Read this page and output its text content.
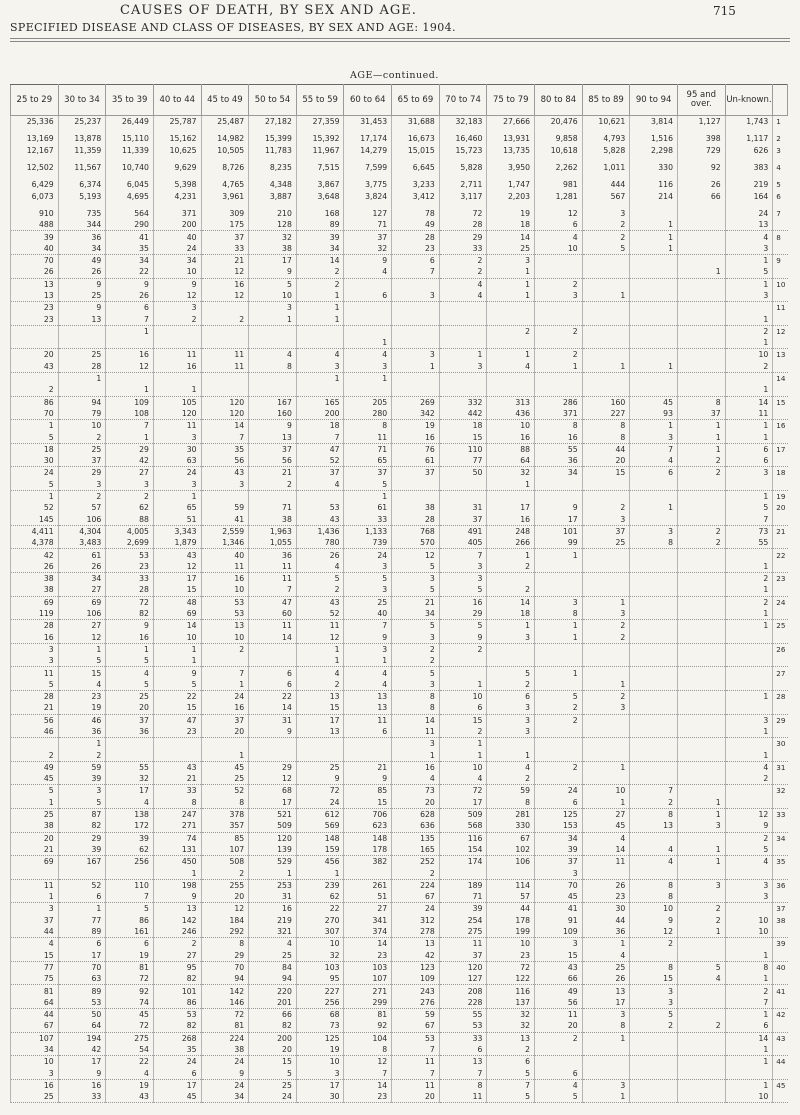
CAUSES OF DEATH, BY SEX AND AGE.	715
SPECIFIED DISEASE AND CLASS OF DISEASES, BY SEX AND AGE: 1904.
AGE—continued.
25 to 29	30 to 34	35 to 39	40 to 44	45 to 49	50 to 54	55 to 59	60 to 64	65 to 69	70 to 74	75 to 79	80 to 84	85 to 89	90 to 94	95 and over.	Un-known.	
25,336	25,237	26,449	25,787	25,487	27,182	27,359	31,453	31,688	32,183	27,666	20,476	10,621	3,814	1,127	1,743	1

13,169	13,878	15,110	15,162	14,982	15,399	15,392	17,174	16,673	16,460	13,931	9,858	4,793	1,516	398	1,117	2
12,167	11,359	11,339	10,625	10,505	11,783	11,967	14,279	15,015	15,723	13,735	10,618	5,828	2,298	729	626	3

12,502	11,567	10,740	9,629	8,726	8,235	7,515	7,599	6,645	5,828	3,950	2,262	1,011	330	92	383	4

6,429	6,374	6,045	5,398	4,765	4,348	3,867	3,775	3,233	2,711	1,747	981	444	116	26	219	5
6,073	5,193	4,695	4,231	3,961	3,887	3,648	3,824	3,412	3,117	2,203	1,281	567	214	66	164	6

910	735	564	371	309	210	168	127	78	72	19	12	3			24	7
488	344	290	200	175	128	89	71	49	28	18	6	2	1		13	
39	36	41	40	37	32	39	37	28	29	14	4	2	1		4	8
40	34	35	24	33	38	34	32	23	33	25	10	5	1		3	
70	49	34	34	21	17	14	9	6	2	3					1	9
26	26	22	10	12	9	2	4	7	2	1				1	5	
13	9	9	9	16	5	2			4	1	2				1	10
13	25	26	12	12	10	1	6	3	4	1	3	1			3	
23	9	6	3		3	1										11
23	13	7	2	2	1	1									1	
		1								2	2				2	12
							1								1	
20	25	16	11	11	4	4	4	3	1	1	2				10	13
43	28	12	16	11	8	3	3	1	3	4	1	1	1		2	
	1					1	1									14
2		1	1												1	
86	94	109	105	120	167	165	205	269	332	313	286	160	45	8	14	15
70	79	108	120	120	160	200	280	342	442	436	371	227	93	37	11	
1	10	7	11	14	9	18	8	19	18	10	8	8	1	1	1	16
5	2	1	3	7	13	7	11	16	15	16	16	8	3	1	1	
18	25	29	30	35	37	47	71	76	110	88	55	44	7	1	6	17
30	37	42	63	56	56	52	65	61	77	64	36	20	4	2	6	
24	29	27	24	43	21	37	37	37	50	32	34	15	6	2	3	18
5	3	3	3	3	2	4	5			1						
1	2	2	1				1								1	19
52	57	62	65	59	71	53	61	38	31	17	9	2	1		5	20
145	106	88	51	41	38	43	33	28	37	16	17	3			7	
4,411	4,304	4,005	3,343	2,559	1,963	1,436	1,133	768	491	248	101	37	3	2	73	21
4,378	3,483	2,699	1,879	1,346	1,055	780	739	570	405	266	99	25	8	2	55	
42	61	53	43	40	36	26	24	12	7	1	1					22
26	26	23	12	11	11	4	3	5	3	2					1	
38	34	33	17	16	11	5	5	3	3						2	23
38	27	28	15	10	7	2	3	5	5	2					1	
69	69	72	48	53	47	43	25	21	16	14	3	1			2	24
119	106	82	69	53	60	52	40	34	29	18	8	3			1	
28	27	9	14	13	11	11	7	5	5	1	1	2			1	25
16	12	16	10	10	14	12	9	3	9	3	1	2				
3	1	1	1	2		1	3	2	2							26
3	5	5	1			1	1	2								
11	15	4	9	7	6	4	4	5		5	1					27
5	4	5	5	1	6	2	4	3	1	2		1				
28	23	25	22	24	22	13	13	8	10	6	5	2			1	28
21	19	20	15	16	14	15	13	8	6	3	2	3				
56	46	37	47	37	31	17	11	14	15	3	2				3	29
46	36	36	23	20	9	13	6	11	2	3					1	
	1							3	1							30
2	2			1				1	1	1					1	
49	59	55	43	45	29	25	21	16	10	4	2	1			4	31
45	39	32	21	25	12	9	9	4	4	2					2	
5	3	17	33	52	68	72	85	73	72	59	24	10	7			32
1	5	4	8	8	17	24	15	20	17	8	6	1	2	1		
25	87	138	247	378	521	612	706	628	509	281	125	27	8	1	12	33
38	82	172	271	357	509	569	623	636	568	330	153	45	13	3	9	
20	29	39	74	85	120	148	148	135	116	67	34	4			2	34
21	39	62	131	107	139	159	178	165	154	102	39	14	4	1	5	
69	167	256	450	508	529	456	382	252	174	106	37	11	4	1	4	35
			1	2	1	1		2			3					
11	52	110	198	255	253	239	261	224	189	114	70	26	8	3	3	36
1	6	7	9	20	31	62	51	67	71	57	45	23	8		3	
3	1	5	13	12	16	22	27	24	39	44	41	30	10	2		37
37	77	86	142	184	219	270	341	312	254	178	91	44	9	2	10	38
44	89	161	246	292	321	307	374	278	275	199	109	36	12	1	10	
4	6	6	2	8	4	10	14	13	11	10	3	1	2			39
15	17	19	27	29	25	32	23	42	37	23	15	4			1	
77	70	81	95	70	84	103	103	123	120	72	43	25	8	5	8	40
75	63	72	82	94	94	95	107	109	127	122	66	26	15	4	1	
81	89	92	101	142	220	227	271	243	208	116	49	13	3		2	41
64	53	74	86	146	201	256	299	276	228	137	56	17	3		7	
44	50	45	53	72	66	68	81	59	55	32	11	3	5		1	42
67	64	72	82	81	82	73	92	67	53	32	20	8	2	2	6	
107	194	275	268	224	200	125	104	53	33	13	2	1			14	43
34	42	54	35	38	20	19	8	7	6	2					1	
10	17	22	24	24	15	10	12	11	13	6					1	44
3	9	4	6	9	5	3	7	7	7	5	6					
16	16	19	17	24	25	17	14	11	8	7	4	3			1	45
25	33	43	45	34	24	30	23	20	11	5	5	1			10	
